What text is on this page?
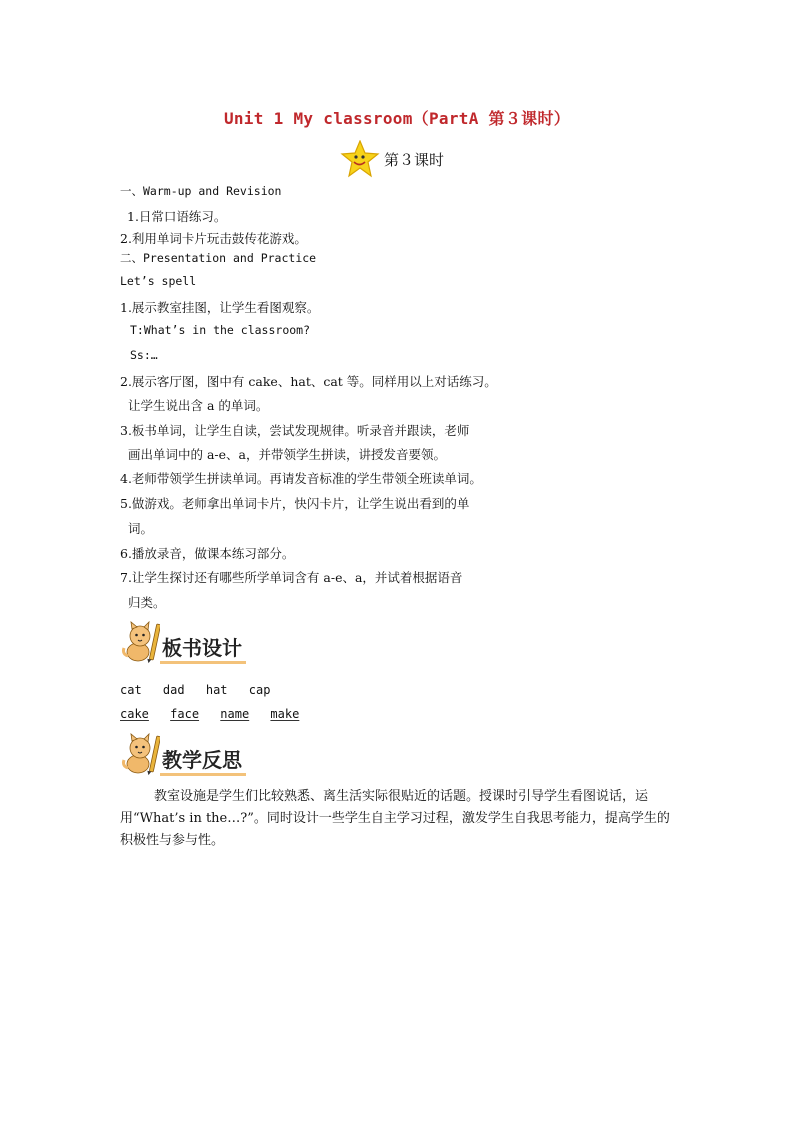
Unit 1 My classroom（PartA 第３课时）
第３课时
一、Warm-up and Revision
1.日常口语练习。
2.利用单词卡片玩击鼓传花游戏。
二、Presentation and Practice
Let’s spell
1.展示教室挂图，让学生看图观察。
T:What’s in the classroom?
Ss:…
2.展示客厅图，图中有 cake、hat、cat 等。同样用以上对话练习。
让学生说出含 a 的单词。
3.板书单词，让学生自读，尝试发现规律。听录音并跟读，老师
画出单词中的 a-e、a，并带领学生拼读，讲授发音要领。
4.老师带领学生拼读单词。再请发音标准的学生带领全班读单词。
5.做游戏。老师拿出单词卡片，快闪卡片，让学生说出看到的单
词。
6.播放录音，做课本练习部分。
7.让学生探讨还有哪些所学单词含有 a-e、a，并试着根据语音
归类。
板书设计
cat dad hat cap
cake face name make
教学反思
教室设施是学生们比较熟悉、离生活实际很贴近的话题。授课时引导学生看图说话，运用“What’s in the…?”。同时设计一些学生自主学习过程，激发学生自我思考能力，提高学生的积极性与参与性。
